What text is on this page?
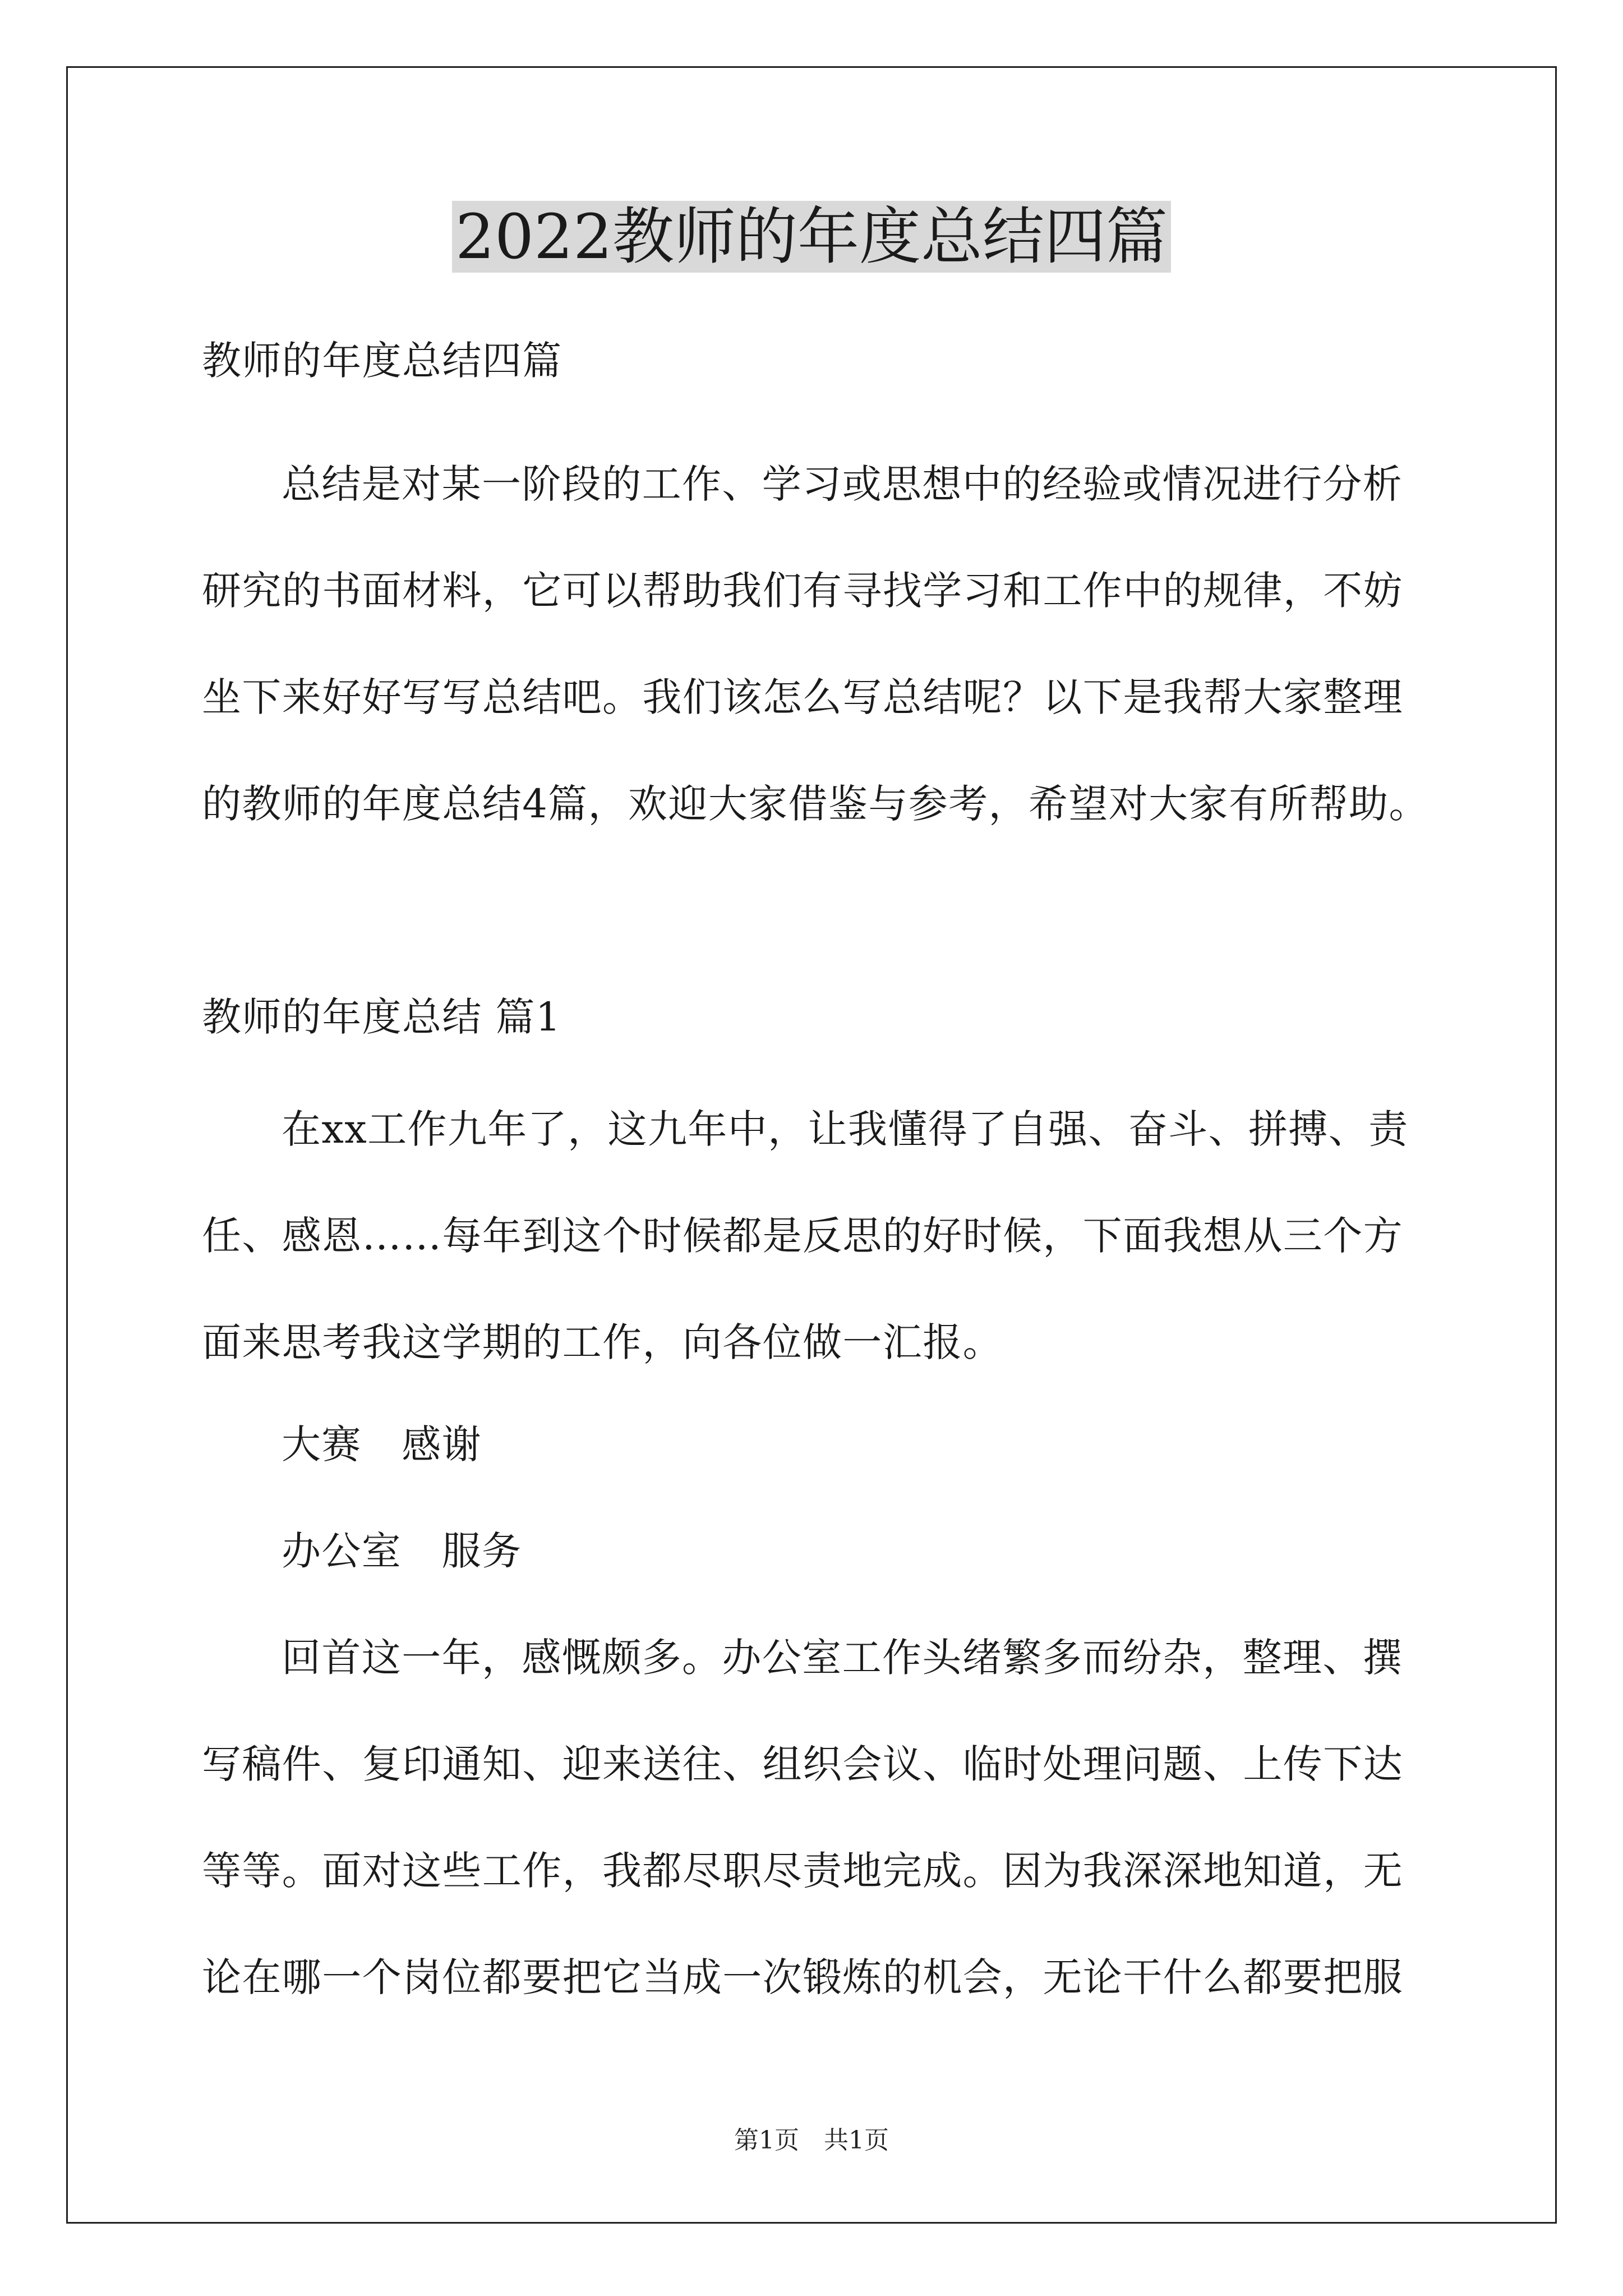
2022教师的年度总结四篇
教师的年度总结四篇
总结是对某一阶段的工作、学习或思想中的经验或情况进行分析
研究的书面材料，它可以帮助我们有寻找学习和工作中的规律，不妨
坐下来好好写写总结吧。我们该怎么写总结呢？以下是我帮大家整理
的教师的年度总结4篇，欢迎大家借鉴与参考，希望对大家有所帮助。
教师的年度总结 篇1
在xx工作九年了，这九年中，让我懂得了自强、奋斗、拼搏、责
任、感恩……每年到这个时候都是反思的好时候，下面我想从三个方
面来思考我这学期的工作，向各位做一汇报。
大赛　感谢
办公室　服务
回首这一年，感慨颇多。办公室工作头绪繁多而纷杂，整理、撰
写稿件、复印通知、迎来送往、组织会议、临时处理问题、上传下达
等等。面对这些工作，我都尽职尽责地完成。因为我深深地知道，无
论在哪一个岗位都要把它当成一次锻炼的机会，无论干什么都要把服
第1页　共1页
